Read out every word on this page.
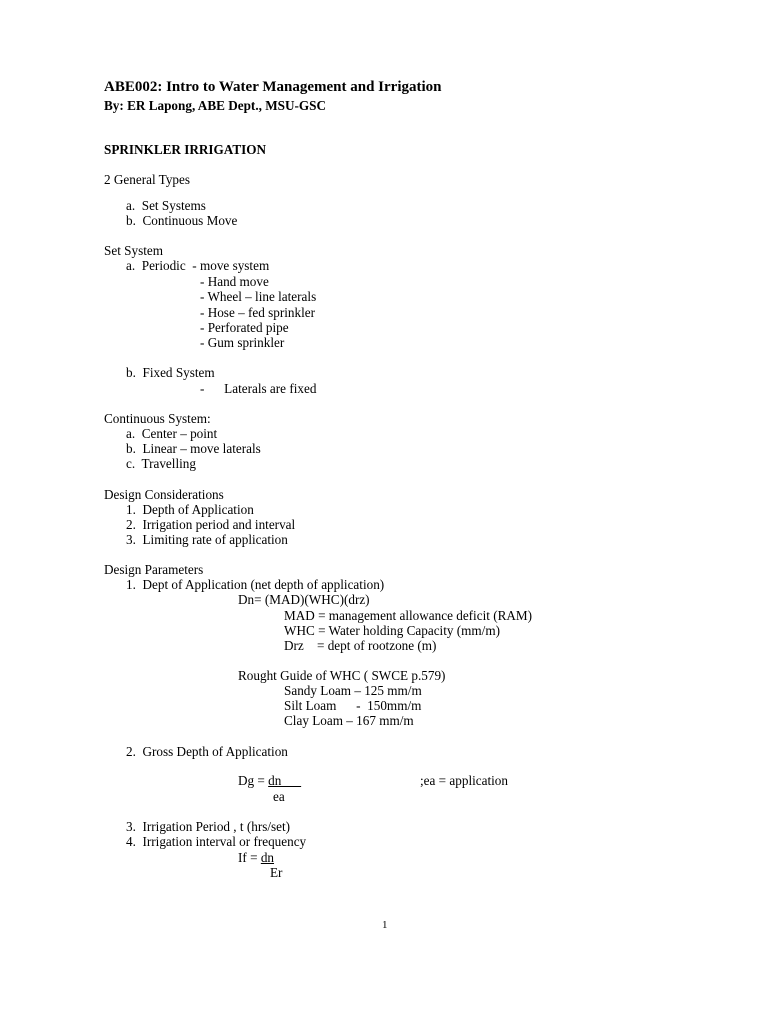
ABE002: Intro to Water Management and Irrigation
By: ER Lapong, ABE Dept., MSU-GSC
SPRINKLER IRRIGATION
2 General Types
a.  Set Systems
b.  Continuous Move
Set System
a.  Periodic  - move system
- Hand move
- Wheel – line laterals
- Hose – fed sprinkler
- Perforated pipe
- Gum sprinkler
b.  Fixed System
-      Laterals are fixed
Continuous System:
a.  Center – point
b.  Linear – move laterals
c.  Travelling
Design Considerations
1.  Depth of Application
2.  Irrigation period and interval
3.  Limiting rate of application
Design Parameters
1.  Dept of Application (net depth of application)
Dn= (MAD)(WHC)(drz)
MAD = management allowance deficit (RAM)
WHC = Water holding Capacity (mm/m)
Drz    = dept of rootzone (m)
Rought Guide of WHC ( SWCE p.579)
Sandy Loam – 125 mm/m
Silt Loam      -  150mm/m
Clay Loam – 167 mm/m
2.  Gross Depth of Application
Dg = dn	;ea = application
ea
3.  Irrigation Period , t (hrs/set)
4.  Irrigation interval or frequency
If = dn
Er
1
